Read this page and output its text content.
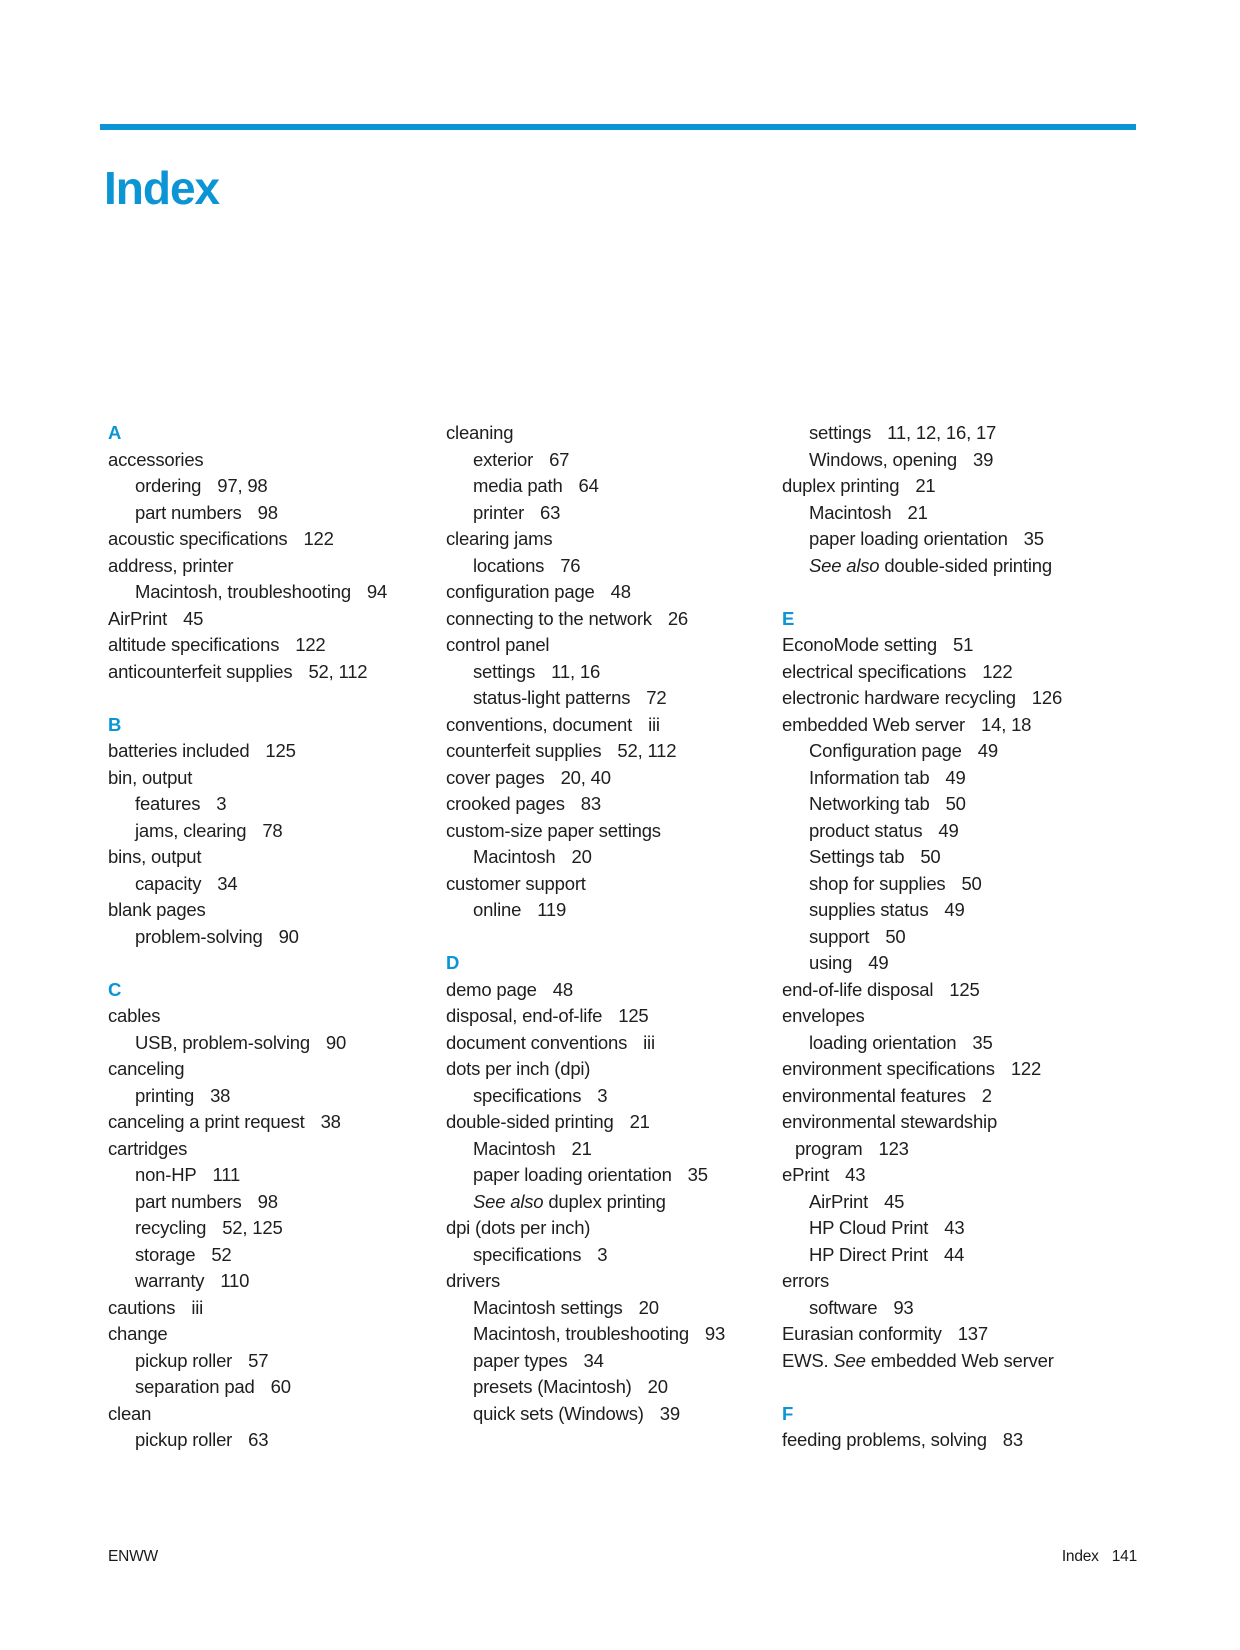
Index
A
accessories
ordering 97, 98
part numbers 98
acoustic specifications 122
address, printer
Macintosh, troubleshooting 94
AirPrint 45
altitude specifications 122
anticounterfeit supplies 52, 112
B
batteries included 125
bin, output
features 3
jams, clearing 78
bins, output
capacity 34
blank pages
problem-solving 90
C
cables
USB, problem-solving 90
canceling
printing 38
canceling a print request 38
cartridges
non-HP 111
part numbers 98
recycling 52, 125
storage 52
warranty 110
cautions iii
change
pickup roller 57
separation pad 60
clean
pickup roller 63
cleaning
exterior 67
media path 64
printer 63
clearing jams
locations 76
configuration page 48
connecting to the network 26
control panel
settings 11, 16
status-light patterns 72
conventions, document iii
counterfeit supplies 52, 112
cover pages 20, 40
crooked pages 83
custom-size paper settings
Macintosh 20
customer support
online 119
D
demo page 48
disposal, end-of-life 125
document conventions iii
dots per inch (dpi)
specifications 3
double-sided printing 21
Macintosh 21
paper loading orientation 35
See also duplex printing
dpi (dots per inch)
specifications 3
drivers
Macintosh settings 20
Macintosh, troubleshooting 93
paper types 34
presets (Macintosh) 20
quick sets (Windows) 39
settings 11, 12, 16, 17
Windows, opening 39
duplex printing 21
Macintosh 21
paper loading orientation 35
See also double-sided printing
E
EconoMode setting 51
electrical specifications 122
electronic hardware recycling 126
embedded Web server 14, 18
Configuration page 49
Information tab 49
Networking tab 50
product status 49
Settings tab 50
shop for supplies 50
supplies status 49
support 50
using 49
end-of-life disposal 125
envelopes
loading orientation 35
environment specifications 122
environmental features 2
environmental stewardship
program 123
ePrint 43
AirPrint 45
HP Cloud Print 43
HP Direct Print 44
errors
software 93
Eurasian conformity 137
EWS. See embedded Web server
F
feeding problems, solving 83
ENWW	Index 141
